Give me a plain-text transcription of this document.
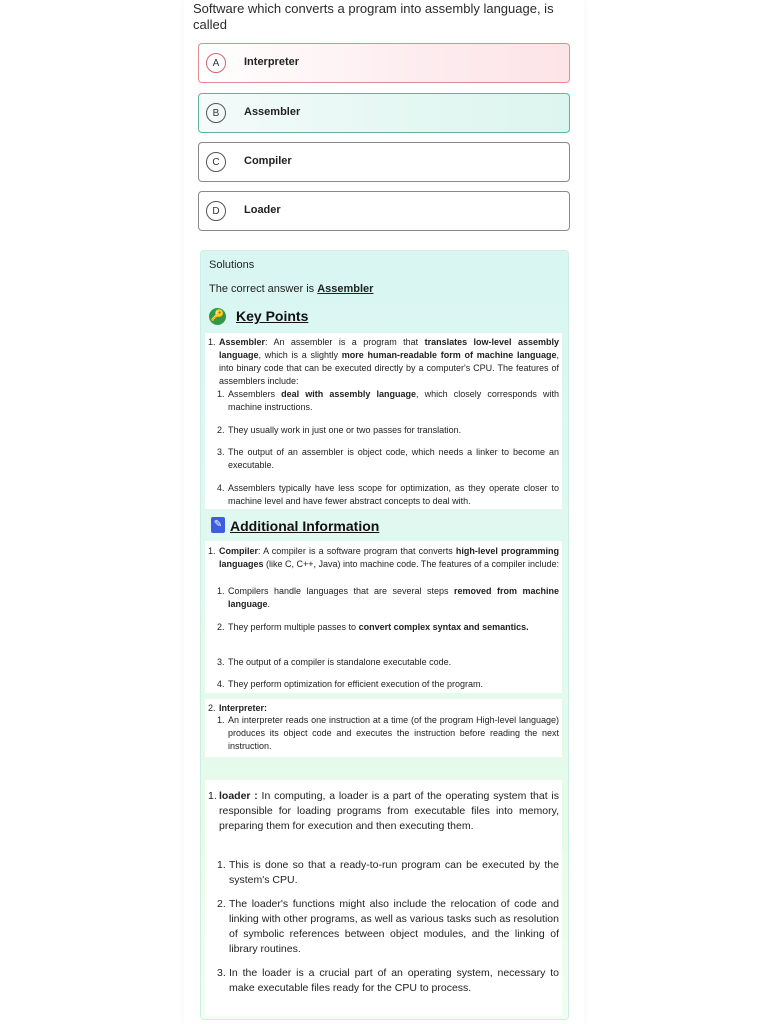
Software which converts a program into assembly language, is called
A	Interpreter
B	Assembler
C	Compiler
D	Loader
Solutions
The correct answer is Assembler
🔑 Key Points
1. Assembler: An assembler is a program that translates low-level assembly language, which is a slightly more human-readable form of machine language, into binary code that can be executed directly by a computer's CPU. The features of assemblers include:
1. Assemblers deal with assembly language, which closely corresponds with machine instructions.
2. They usually work in just one or two passes for translation.
3. The output of an assembler is object code, which needs a linker to become an executable.
4. Assemblers typically have less scope for optimization, as they operate closer to machine level and have fewer abstract concepts to deal with.
✎ Additional Information
1. Compiler: A compiler is a software program that converts high-level programming languages (like C, C++, Java) into machine code. The features of a compiler include:
1. Compilers handle languages that are several steps removed from machine language.
2. They perform multiple passes to convert complex syntax and semantics.
3. The output of a compiler is standalone executable code.
4. They perform optimization for efficient execution of the program.
2. Interpreter:
1. An interpreter reads one instruction at a time (of the program High-level language) produces its object code and executes the instruction before reading the next instruction.
1. loader : In computing, a loader is a part of the operating system that is responsible for loading programs from executable files into memory, preparing them for execution and then executing them.
1. This is done so that a ready-to-run program can be executed by the system's CPU.
2. The loader's functions might also include the relocation of code and linking with other programs, as well as various tasks such as resolution of symbolic references between object modules, and the linking of library routines.
3. In the loader is a crucial part of an operating system, necessary to make executable files ready for the CPU to process.
